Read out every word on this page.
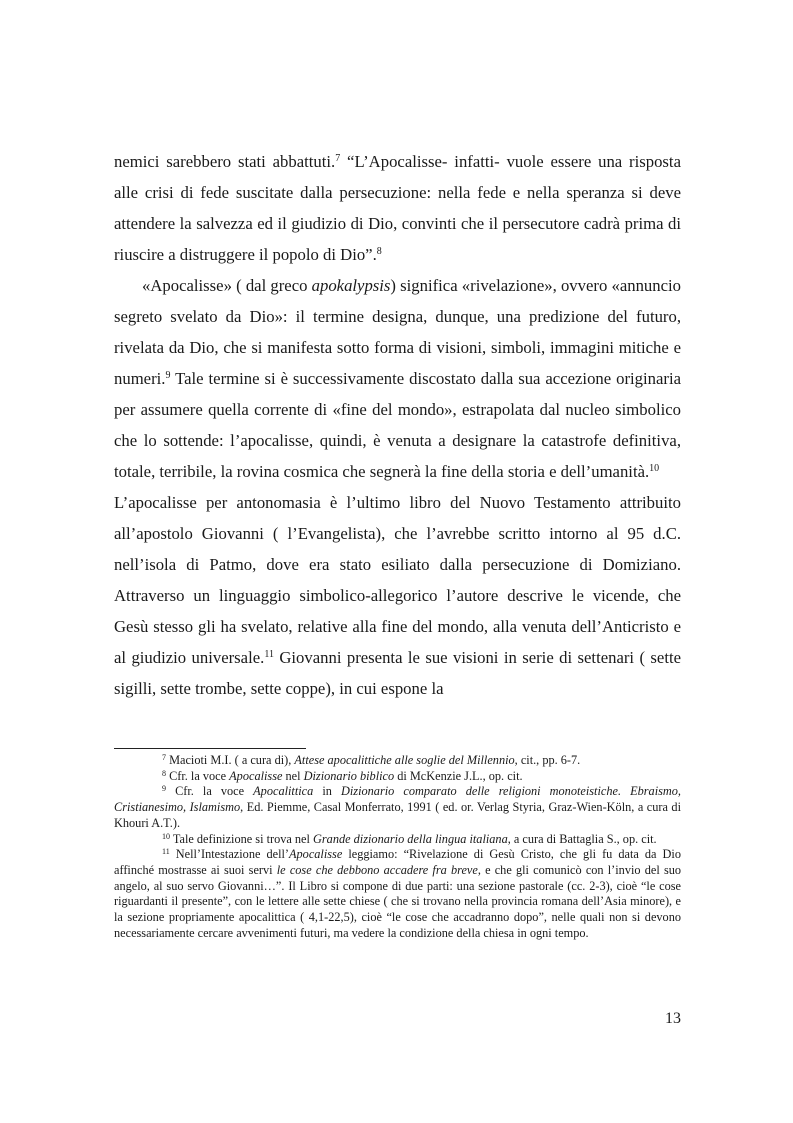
nemici sarebbero stati abbattuti.$^7$ “L’Apocalisse- infatti- vuole essere una risposta alle crisi di fede suscitate dalla persecuzione: nella fede e nella speranza si deve attendere la salvezza ed il giudizio di Dio, convinti che il persecutore cadrà prima di riuscire a distruggere il popolo di Dio”.$^8$

«Apocalisse» ( dal greco apokalypsis) significa «rivelazione», ovvero «annuncio segreto svelato da Dio»: il termine designa, dunque, una predizione del futuro, rivelata da Dio, che si manifesta sotto forma di visioni, simboli, immagini mitiche e numeri.$^9$ Tale termine si è successivamente discostato dalla sua accezione originaria per assumere quella corrente di «fine del mondo», estrapolata dal nucleo simbolico che lo sottende: l’apocalisse, quindi, è venuta a designare la catastrofe definitiva, totale, terribile, la rovina cosmica che segnerà la fine della storia e dell’umanità.$^{10}$

L’apocalisse per antonomasia è l’ultimo libro del Nuovo Testamento attribuito all’apostolo Giovanni ( l’Evangelista), che l’avrebbe scritto intorno al 95 d.C. nell’isola di Patmo, dove era stato esiliato dalla persecuzione di Domiziano. Attraverso un linguaggio simbolico-allegorico l’autore descrive le vicende, che Gesù stesso gli ha svelato, relative alla fine del mondo, alla venuta dell’Anticristo e al giudizio universale.$^{11}$ Giovanni presenta le sue visioni in serie di settenari ( sette sigilli, sette trombe, sette coppe), in cui espone la

$^7$ Macioti M.I. ( a cura di), Attese apocalittiche alle soglie del Millennio, cit., pp. 6-7.

$^8$ Cfr. la voce Apocalisse nel Dizionario biblico di McKenzie J.L., op. cit.

$^9$ Cfr. la voce Apocalittica in Dizionario comparato delle religioni monoteistiche. Ebraismo, Cristianesimo, Islamismo, Ed. Piemme, Casal Monferrato, 1991 ( ed. or. Verlag Styria, Graz-Wien-Köln, a cura di Khouri A.T.).

$^{10}$ Tale definizione si trova nel Grande dizionario della lingua italiana, a cura di Battaglia S., op. cit.

$^{11}$ Nell’Intestazione dell’Apocalisse leggiamo: “Rivelazione di Gesù Cristo, che gli fu data da Dio affinché mostrasse ai suoi servi le cose che debbono accadere fra breve, e che gli comunicò con l’invio del suo angelo, al suo servo Giovanni…”. Il Libro si compone di due parti: una sezione pastorale (cc. 2-3), cioè “le cose riguardanti il presente”, con le lettere alle sette chiese ( che si trovano nella provincia romana dell’Asia minore), e la sezione propriamente apocalittica ( 4,1-22,5), cioè “le cose che accadranno dopo”, nelle quali non si devono necessariamente cercare avvenimenti futuri, ma vedere la condizione della chiesa in ogni tempo.

13
